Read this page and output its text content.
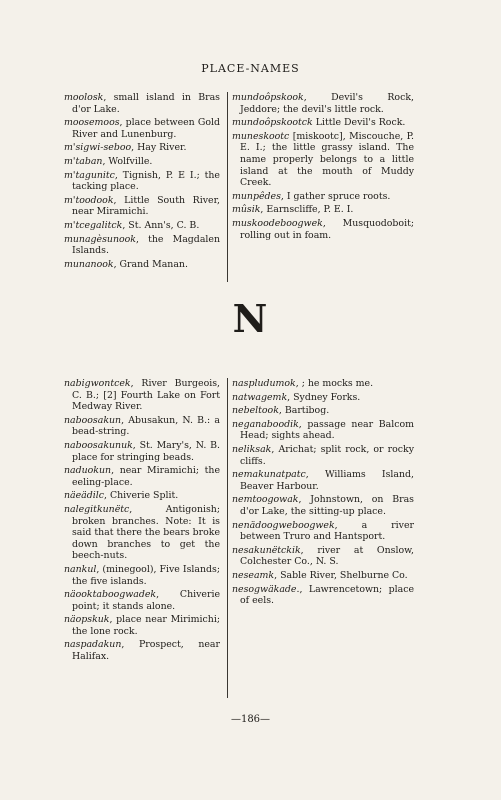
PLACE-NAMES
moolosk, small island in Bras d'or Lake.
moosemoos, place between Gold River and Lunenburg.
m'sigwi-seboo, Hay River.
m'taban, Wolfville.
m'tagunitc, Tignish, P. E I.; the tacking place.
m'toodook, Little South River, near Miramichi.
m'tcegalitck, St. Ann's, C. B.
munagèsunook, the Magdalen Islands.
munanook, Grand Manan.
mundoôpskook, Devil's Rock, Jeddore; the devil's little rock.
mundoôpskootck Little Devil's Rock.
muneskootc [miskootc], Miscouche, P. E. I.; the little grassy island. The name properly belongs to a little island at the mouth of Muddy Creek.
munpêdes, I gather spruce roots.
mûsik, Earnscliffe, P. E. I.
muskoodeboogwek, Musquodoboit; rolling out in foam.
N
nabigwontcek, River Burgeois, C. B.; [2] Fourth Lake on Fort Medway River.
naboosakun, Abusakun, N. B.: a bead-string.
naboosakunuk, St. Mary's, N. B. place for stringing beads.
naduokun, near Miramichi; the eeling-place.
näeädilc, Chiverie Split.
nalegitkunëtc, Antigonish; broken branches. Note: It is said that there the bears broke down branches to get the beech-nuts.
nankul, (minegool), Five Islands; the five islands.
näooktaboogwadek, Chiverie point; it stands alone.
näopskuk, place near Mirimichi; the lone rock.
naspadakun, Prospect, near Halifax.
naspludumok, ; he mocks me.
natwagemk, Sydney Forks.
nebeltook, Bartibog.
neganaboodik, passage near Balcom Head; sights ahead.
neliksak, Arichat; split rock, or rocky cliffs.
nemakunatpatc, Williams Island, Beaver Harbour.
nemtoogowak, Johnstown, on Bras d'or Lake, the sitting-up place.
nenädoogweboogwek, a river between Truro and Hantsport.
nesakunëtckik, river at Onslow, Colchester Co., N. S.
neseamk, Sable River, Shelburne Co.
nesogwäkade., Lawrencetown; place of eels.
—186—
